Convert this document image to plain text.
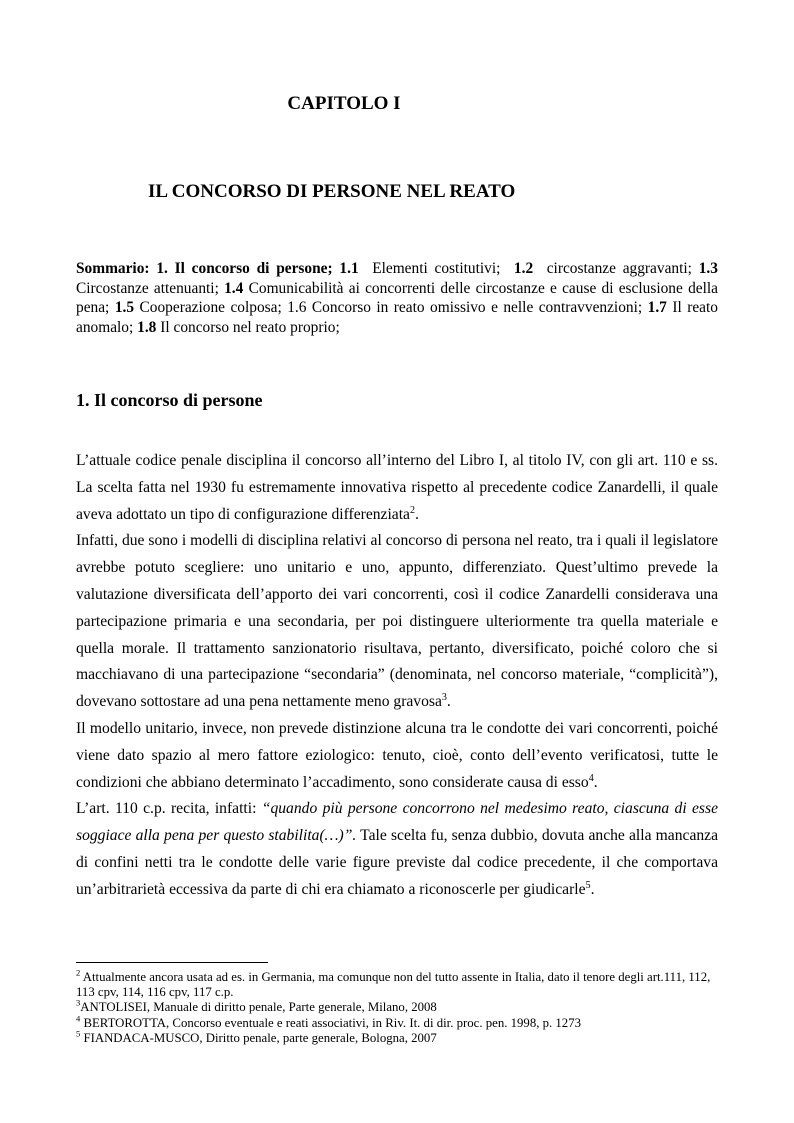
CAPITOLO I
IL CONCORSO DI PERSONE NEL REATO
Sommario: 1. Il concorso di persone; 1.1 Elementi costitutivi; 1.2 circostanze aggravanti; 1.3 Circostanze attenuanti; 1.4 Comunicabilità ai concorrenti delle circostanze e cause di esclusione della pena; 1.5 Cooperazione colposa; 1.6 Concorso in reato omissivo e nelle contravvenzioni; 1.7 Il reato anomalo; 1.8 Il concorso nel reato proprio;
1. Il concorso di persone

L’attuale codice penale disciplina il concorso all’interno del Libro I, al titolo IV, con gli art. 110 e ss. La scelta fatta nel 1930 fu estremamente innovativa rispetto al precedente codice Zanardelli, il quale aveva adottato un tipo di configurazione differenziata$^2$.

Infatti, due sono i modelli di disciplina relativi al concorso di persona nel reato, tra i quali il legislatore avrebbe potuto scegliere: uno unitario e uno, appunto, differenziato. Quest’ultimo prevede la valutazione diversificata dell’apporto dei vari concorrenti, così il codice Zanardelli considerava una partecipazione primaria e una secondaria, per poi distinguere ulteriormente tra quella materiale e quella morale. Il trattamento sanzionatorio risultava, pertanto, diversificato, poiché coloro che si macchiavano di una partecipazione “secondaria” (denominata, nel concorso materiale, “complicità”), dovevano sottostare ad una pena nettamente meno gravosa$^3$.

Il modello unitario, invece, non prevede distinzione alcuna tra le condotte dei vari concorrenti, poiché viene dato spazio al mero fattore eziologico: tenuto, cioè, conto dell’evento verificatosi, tutte le condizioni che abbiano determinato l’accadimento, sono considerate causa di esso$^4$.

L’art. 110 c.p. recita, infatti: “quando più persone concorrono nel medesimo reato, ciascuna di esse soggiace alla pena per questo stabilita(…)”. Tale scelta fu, senza dubbio, dovuta anche alla mancanza di confini netti tra le condotte delle varie figure previste dal codice precedente, il che comportava un’arbitrarietà eccessiva da parte di chi era chiamato a riconoscerle per giudicarle$^5$.

$^2$ Attualmente ancora usata ad es. in Germania, ma comunque non del tutto assente in Italia, dato il tenore degli art.111, 112, 113 cpv, 114, 116 cpv, 117 c.p.
$^3$ANTOLISEI, Manuale di diritto penale, Parte generale, Milano, 2008
$^4$ BERTOROTTA, Concorso eventuale e reati associativi, in Riv. It. di dir. proc. pen. 1998, p. 1273
$^5$ FIANDACA-MUSCO, Diritto penale, parte generale, Bologna, 2007
